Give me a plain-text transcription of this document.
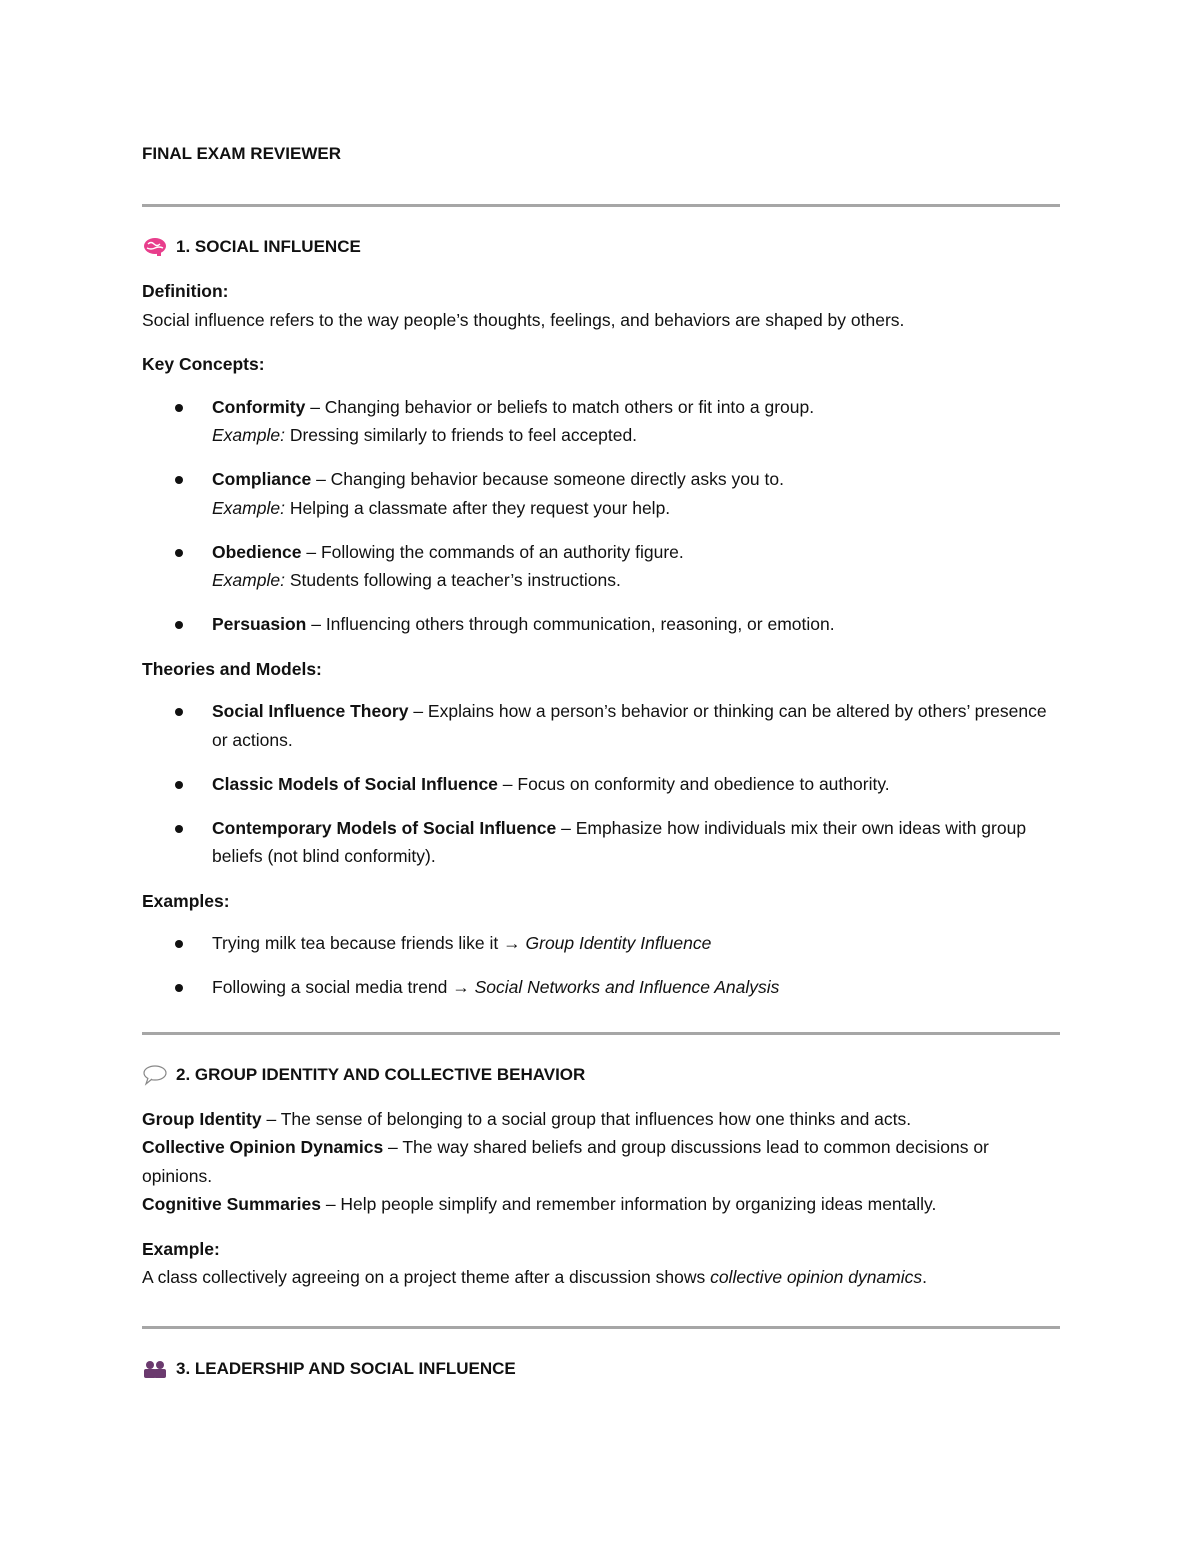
FINAL EXAM REVIEWER

1. SOCIAL INFLUENCE

Definition:

Social influence refers to the way people’s thoughts, feelings, and behaviors are shaped by others.

Key Concepts:

Conformity – Changing behavior or beliefs to match others or fit into a group.
Example: Dressing similarly to friends to feel accepted.
Compliance – Changing behavior because someone directly asks you to.
Example: Helping a classmate after they request your help.
Obedience – Following the commands of an authority figure.
Example: Students following a teacher’s instructions.
Persuasion – Influencing others through communication, reasoning, or emotion.

Theories and Models:

Social Influence Theory – Explains how a person’s behavior or thinking can be altered by others’ presence or actions.
Classic Models of Social Influence – Focus on conformity and obedience to authority.
Contemporary Models of Social Influence – Emphasize how individuals mix their own ideas with group beliefs (not blind conformity).

Examples:

Trying milk tea because friends like it → Group Identity Influence
Following a social media trend → Social Networks and Influence Analysis
2. GROUP IDENTITY AND COLLECTIVE BEHAVIOR

Group Identity – The sense of belonging to a social group that influences how one thinks and acts.

Collective Opinion Dynamics – The way shared beliefs and group discussions lead to common decisions or opinions.

Cognitive Summaries – Help people simplify and remember information by organizing ideas mentally.

Example:

A class collectively agreeing on a project theme after a discussion shows collective opinion dynamics.

3. LEADERSHIP AND SOCIAL INFLUENCE
